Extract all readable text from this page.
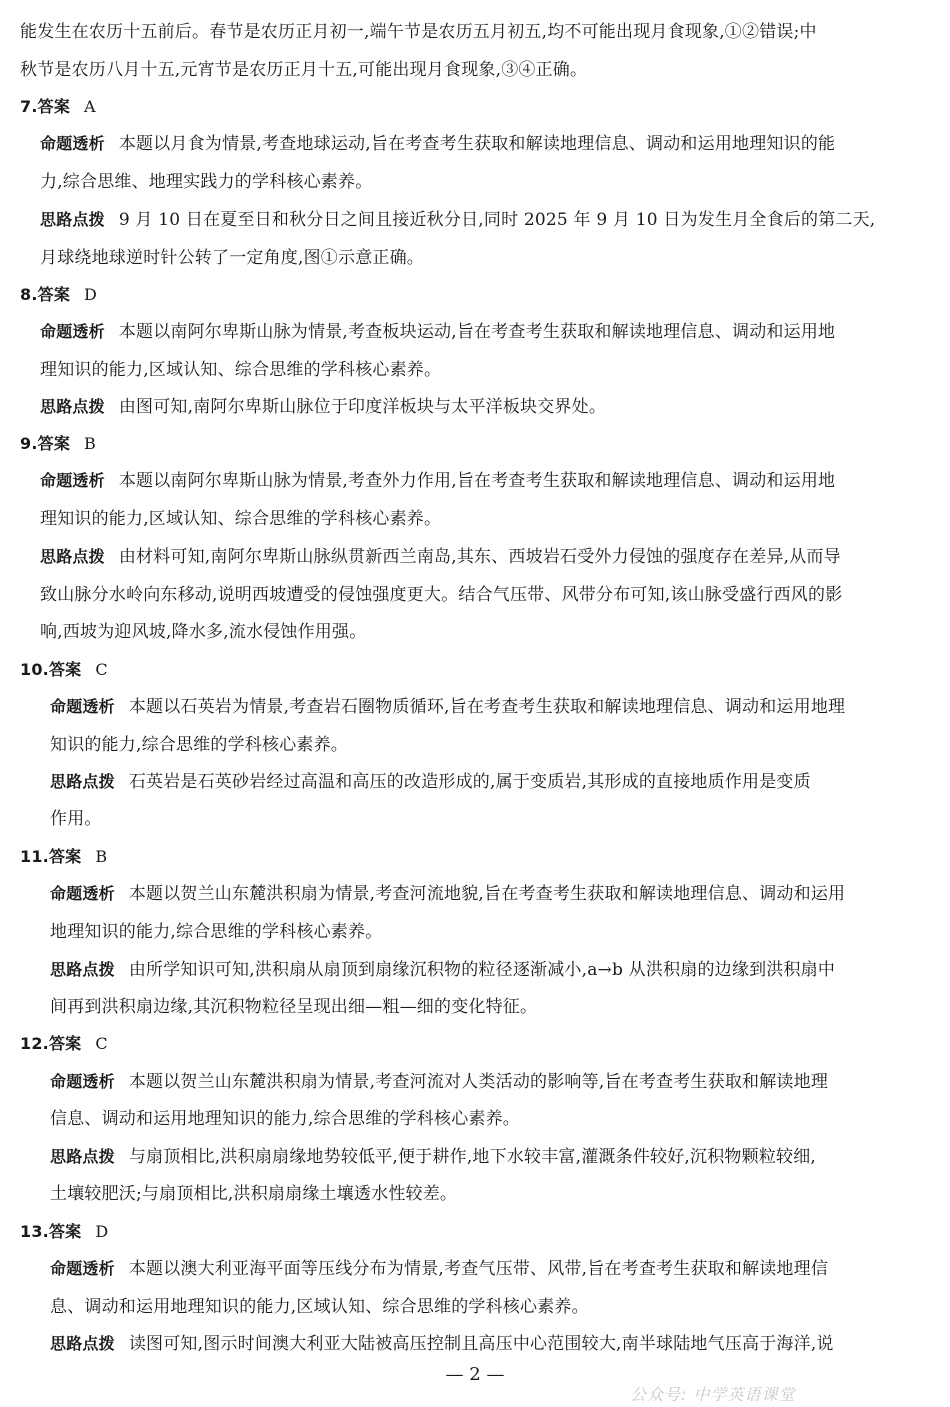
能发生在农历十五前后。春节是农历正月初一,端午节是农历五月初五,均不可能出现月食现象,①②错误;中
秋节是农历八月十五,元宵节是农历正月十五,可能出现月食现象,③④正确。
7.答案 A
命题透析 本题以月食为情景,考查地球运动,旨在考查考生获取和解读地理信息、调动和运用地理知识的能
力,综合思维、地理实践力的学科核心素养。
思路点拨 9 月 10 日在夏至日和秋分日之间且接近秋分日,同时 2025 年 9 月 10 日为发生月全食后的第二天,
月球绕地球逆时针公转了一定角度,图①示意正确。
8.答案 D
命题透析 本题以南阿尔卑斯山脉为情景,考查板块运动,旨在考查考生获取和解读地理信息、调动和运用地
理知识的能力,区域认知、综合思维的学科核心素养。
思路点拨 由图可知,南阿尔卑斯山脉位于印度洋板块与太平洋板块交界处。
9.答案 B
命题透析 本题以南阿尔卑斯山脉为情景,考查外力作用,旨在考查考生获取和解读地理信息、调动和运用地
理知识的能力,区域认知、综合思维的学科核心素养。
思路点拨 由材料可知,南阿尔卑斯山脉纵贯新西兰南岛,其东、西坡岩石受外力侵蚀的强度存在差异,从而导
致山脉分水岭向东移动,说明西坡遭受的侵蚀强度更大。结合气压带、风带分布可知,该山脉受盛行西风的影
响,西坡为迎风坡,降水多,流水侵蚀作用强。
10.答案 C
命题透析 本题以石英岩为情景,考查岩石圈物质循环,旨在考查考生获取和解读地理信息、调动和运用地理
知识的能力,综合思维的学科核心素养。
思路点拨 石英岩是石英砂岩经过高温和高压的改造形成的,属于变质岩,其形成的直接地质作用是变质
作用。
11.答案 B
命题透析 本题以贺兰山东麓洪积扇为情景,考查河流地貌,旨在考查考生获取和解读地理信息、调动和运用
地理知识的能力,综合思维的学科核心素养。
思路点拨 由所学知识可知,洪积扇从扇顶到扇缘沉积物的粒径逐渐减小,a→b 从洪积扇的边缘到洪积扇中
间再到洪积扇边缘,其沉积物粒径呈现出细—粗—细的变化特征。
12.答案 C
命题透析 本题以贺兰山东麓洪积扇为情景,考查河流对人类活动的影响等,旨在考查考生获取和解读地理
信息、调动和运用地理知识的能力,综合思维的学科核心素养。
思路点拨 与扇顶相比,洪积扇扇缘地势较低平,便于耕作,地下水较丰富,灌溉条件较好,沉积物颗粒较细,
土壤较肥沃;与扇顶相比,洪积扇扇缘土壤透水性较差。
13.答案 D
命题透析 本题以澳大利亚海平面等压线分布为情景,考查气压带、风带,旨在考查考生获取和解读地理信
息、调动和运用地理知识的能力,区域认知、综合思维的学科核心素养。
思路点拨 读图可知,图示时间澳大利亚大陆被高压控制且高压中心范围较大,南半球陆地气压高于海洋,说
— 2 —
公众号: 中学英语课堂
